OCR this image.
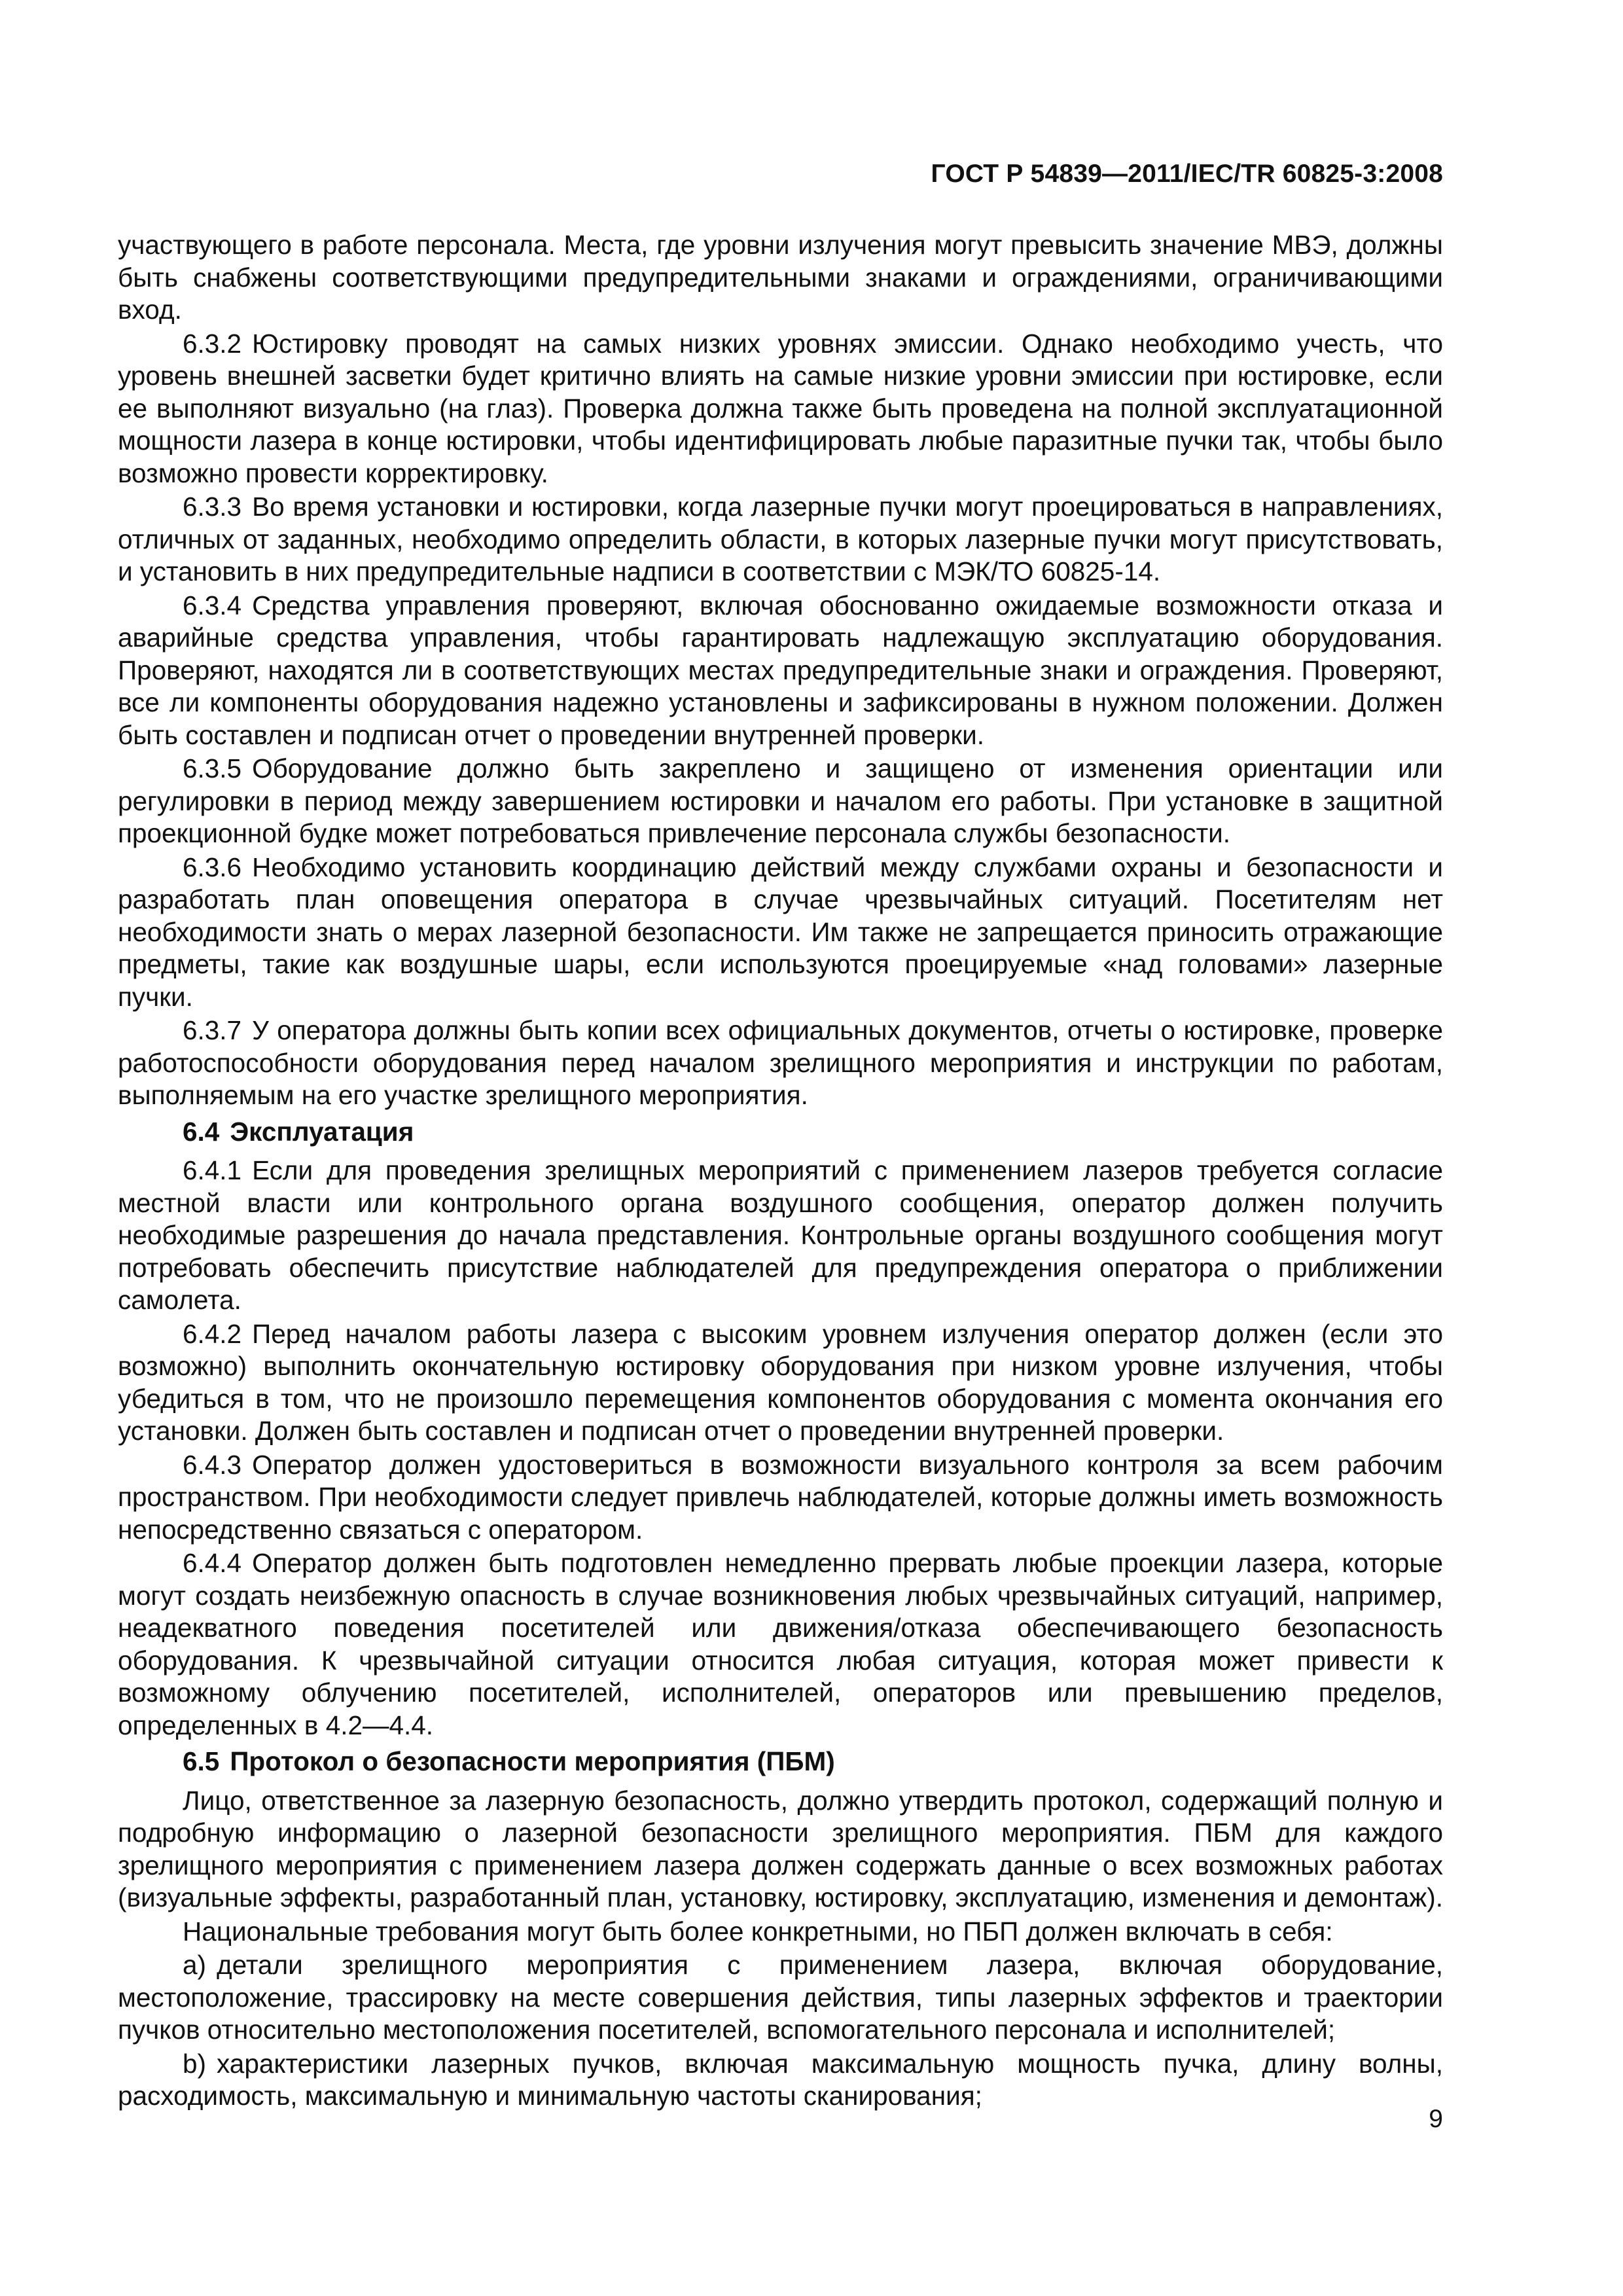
ГОСТ Р 54839—2011/IEC/TR 60825-3:2008

участвующего в работе персонала. Места, где уровни излучения могут превысить значение МВЭ, должны быть снабжены соответствующими предупредительными знаками и ограждениями, ограничивающими вход.

6.3.2 Юстировку проводят на самых низких уровнях эмиссии. Однако необходимо учесть, что уровень внешней засветки будет критично влиять на самые низкие уровни эмиссии при юстировке, если ее выполняют визуально (на глаз). Проверка должна также быть проведена на полной эксплуатационной мощности лазера в конце юстировки, чтобы идентифицировать любые паразитные пучки так, чтобы было возможно провести корректировку.

6.3.3 Во время установки и юстировки, когда лазерные пучки могут проецироваться в направлениях, отличных от заданных, необходимо определить области, в которых лазерные пучки могут присутствовать, и установить в них предупредительные надписи в соответствии с МЭК/ТО 60825-14.

6.3.4 Средства управления проверяют, включая обоснованно ожидаемые возможности отказа и аварийные средства управления, чтобы гарантировать надлежащую эксплуатацию оборудования. Проверяют, находятся ли в соответствующих местах предупредительные знаки и ограждения. Проверяют, все ли компоненты оборудования надежно установлены и зафиксированы в нужном положении. Должен быть составлен и подписан отчет о проведении внутренней проверки.

6.3.5 Оборудование должно быть закреплено и защищено от изменения ориентации или регулировки в период между завершением юстировки и началом его работы. При установке в защитной проекционной будке может потребоваться привлечение персонала службы безопасности.

6.3.6 Необходимо установить координацию действий между службами охраны и безопасности и разработать план оповещения оператора в случае чрезвычайных ситуаций. Посетителям нет необходимости знать о мерах лазерной безопасности. Им также не запрещается приносить отражающие предметы, такие как воздушные шары, если используются проецируемые «над головами» лазерные пучки.

6.3.7 У оператора должны быть копии всех официальных документов, отчеты о юстировке, проверке работоспособности оборудования перед началом зрелищного мероприятия и инструкции по работам, выполняемым на его участке зрелищного мероприятия.

6.4 Эксплуатация

6.4.1 Если для проведения зрелищных мероприятий с применением лазеров требуется согласие местной власти или контрольного органа воздушного сообщения, оператор должен получить необходимые разрешения до начала представления. Контрольные органы воздушного сообщения могут потребовать обеспечить присутствие наблюдателей для предупреждения оператора о приближении самолета.

6.4.2 Перед началом работы лазера с высоким уровнем излучения оператор должен (если это возможно) выполнить окончательную юстировку оборудования при низком уровне излучения, чтобы убедиться в том, что не произошло перемещения компонентов оборудования с момента окончания его установки. Должен быть составлен и подписан отчет о проведении внутренней проверки.

6.4.3 Оператор должен удостовериться в возможности визуального контроля за всем рабочим пространством. При необходимости следует привлечь наблюдателей, которые должны иметь возможность непосредственно связаться с оператором.

6.4.4 Оператор должен быть подготовлен немедленно прервать любые проекции лазера, которые могут создать неизбежную опасность в случае возникновения любых чрезвычайных ситуаций, например, неадекватного поведения посетителей или движения/отказа обеспечивающего безопасность оборудования. К чрезвычайной ситуации относится любая ситуация, которая может привести к возможному облучению посетителей, исполнителей, операторов или превышению пределов, определенных в 4.2—4.4.

6.5 Протокол о безопасности мероприятия (ПБМ)

Лицо, ответственное за лазерную безопасность, должно утвердить протокол, содержащий полную и подробную информацию о лазерной безопасности зрелищного мероприятия. ПБМ для каждого зрелищного мероприятия с применением лазера должен содержать данные о всех возможных работах (визуальные эффекты, разработанный план, установку, юстировку, эксплуатацию, изменения и демонтаж).

Национальные требования могут быть более конкретными, но ПБП должен включать в себя:

а) детали зрелищного мероприятия с применением лазера, включая оборудование, местоположение, трассировку на месте совершения действия, типы лазерных эффектов и траектории пучков относительно местоположения посетителей, вспомогательного персонала и исполнителей;

b) характеристики лазерных пучков, включая максимальную мощность пучка, длину волны, расходимость, максимальную и минимальную частоты сканирования;

9
